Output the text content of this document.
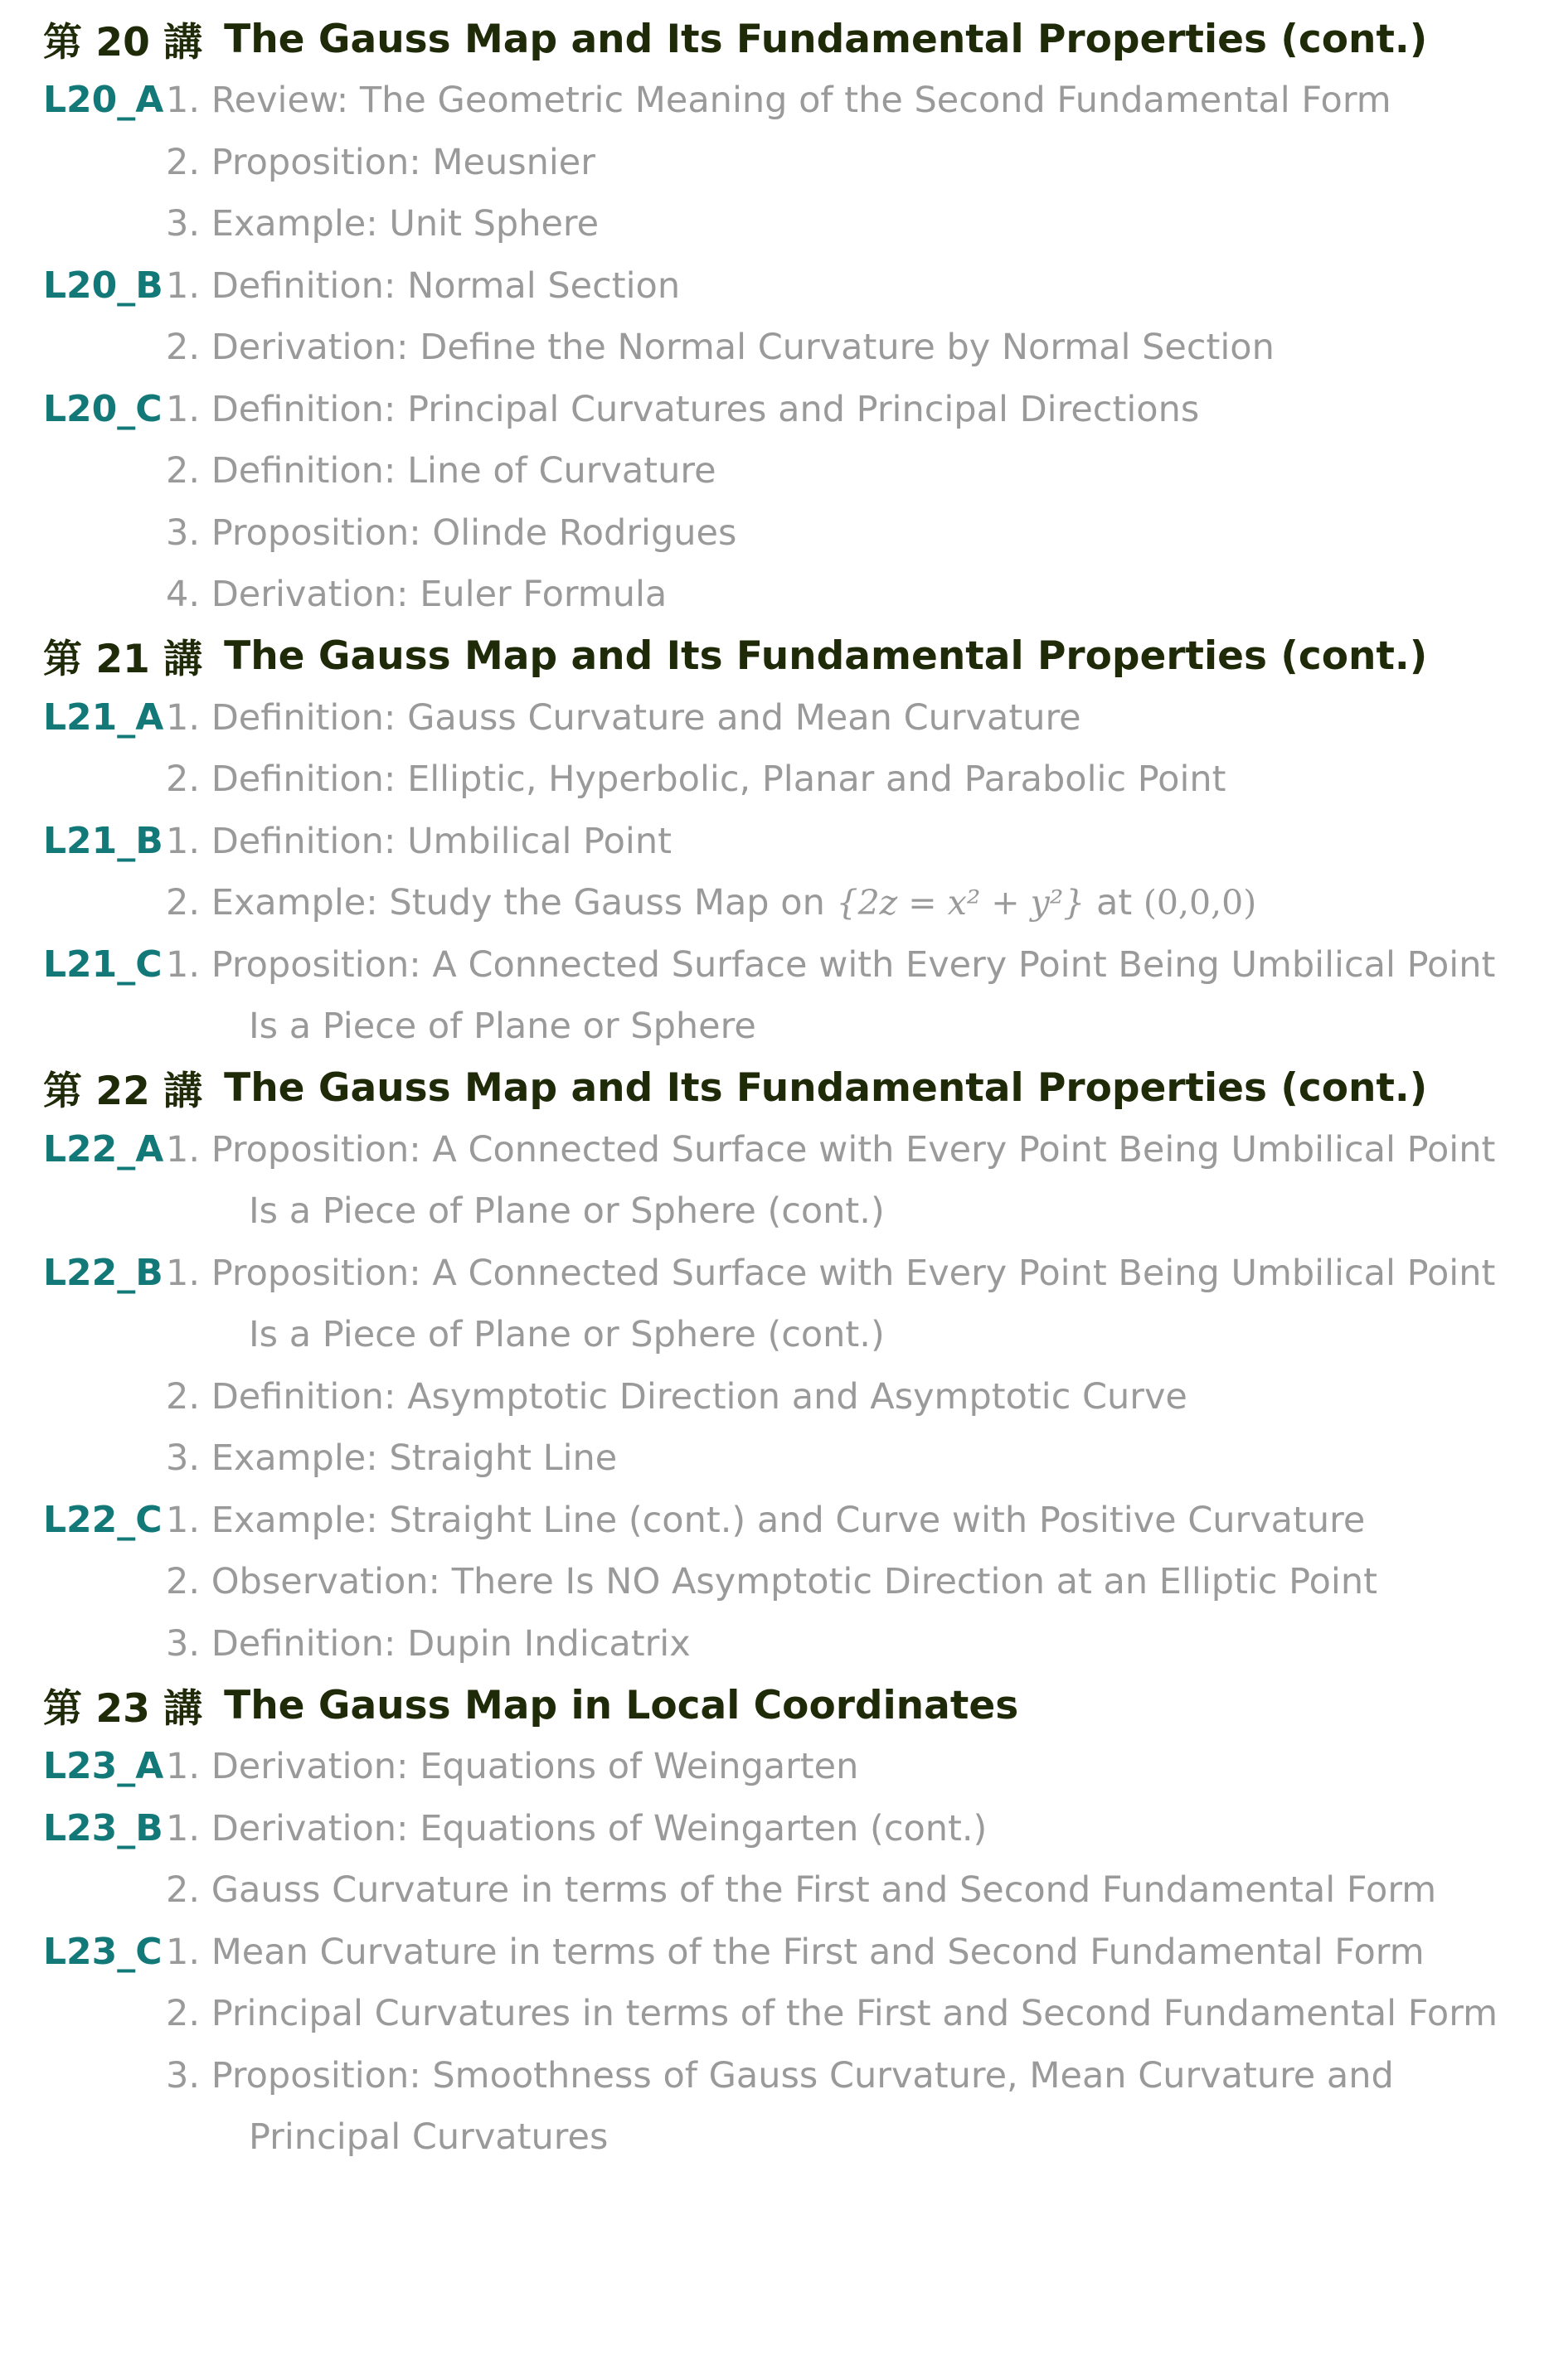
第 20 講 The Gauss Map and Its Fundamental Properties (cont.)
L20_A 1. Review: The Geometric Meaning of the Second Fundamental Form
2. Proposition: Meusnier
3. Example: Unit Sphere
L20_B 1. Definition: Normal Section
2. Derivation: Define the Normal Curvature by Normal Section
L20_C 1. Definition: Principal Curvatures and Principal Directions
2. Definition: Line of Curvature
3. Proposition: Olinde Rodrigues
4. Derivation: Euler Formula
第 21 講 The Gauss Map and Its Fundamental Properties (cont.)
L21_A 1. Definition: Gauss Curvature and Mean Curvature
2. Definition: Elliptic, Hyperbolic, Planar and Parabolic Point
L21_B 1. Definition: Umbilical Point
2. Example: Study the Gauss Map on {2z = x² + y²} at (0,0,0)
L21_C 1. Proposition: A Connected Surface with Every Point Being Umbilical Point
Is a Piece of Plane or Sphere
第 22 講 The Gauss Map and Its Fundamental Properties (cont.)
L22_A 1. Proposition: A Connected Surface with Every Point Being Umbilical Point
Is a Piece of Plane or Sphere (cont.)
L22_B 1. Proposition: A Connected Surface with Every Point Being Umbilical Point
Is a Piece of Plane or Sphere (cont.)
2. Definition: Asymptotic Direction and Asymptotic Curve
3. Example: Straight Line
L22_C 1. Example: Straight Line (cont.) and Curve with Positive Curvature
2. Observation: There Is NO Asymptotic Direction at an Elliptic Point
3. Definition: Dupin Indicatrix
第 23 講 The Gauss Map in Local Coordinates
L23_A 1. Derivation: Equations of Weingarten
L23_B 1. Derivation: Equations of Weingarten (cont.)
2. Gauss Curvature in terms of the First and Second Fundamental Form
L23_C 1. Mean Curvature in terms of the First and Second Fundamental Form
2. Principal Curvatures in terms of the First and Second Fundamental Form
3. Proposition: Smoothness of Gauss Curvature, Mean Curvature and
Principal Curvatures
